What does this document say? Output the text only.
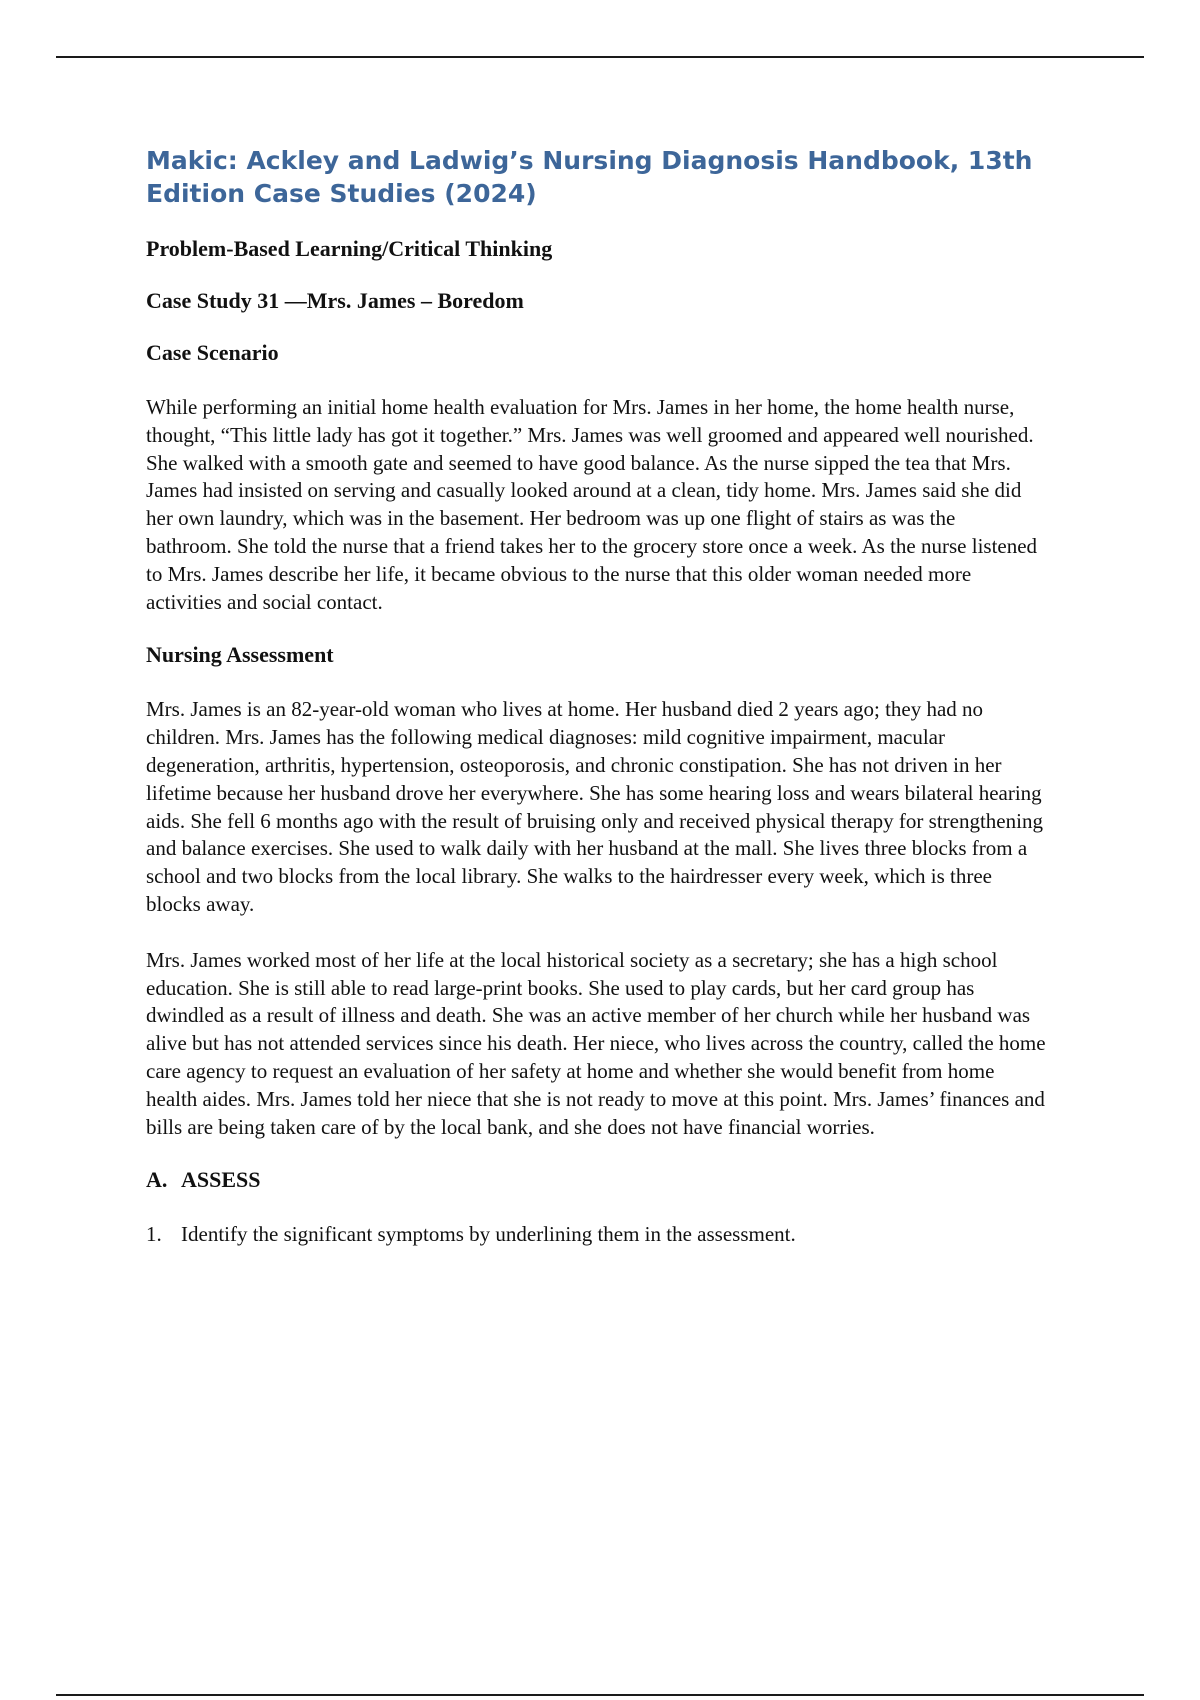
Makic: Ackley and Ladwig’s Nursing Diagnosis Handbook, 13th Edition Case Studies (2024)

Problem-Based Learning/Critical Thinking

Case Study 31 —Mrs. James – Boredom

Case Scenario

While performing an initial home health evaluation for Mrs. James in her home, the home health nurse, thought, “This little lady has got it together.” Mrs. James was well groomed and appeared well nourished. She walked with a smooth gate and seemed to have good balance. As the nurse sipped the tea that Mrs. James had insisted on serving and casually looked around at a clean, tidy home. Mrs. James said she did her own laundry, which was in the basement. Her bedroom was up one flight of stairs as was the bathroom. She told the nurse that a friend takes her to the grocery store once a week. As the nurse listened to Mrs. James describe her life, it became obvious to the nurse that this older woman needed more activities and social contact.

Nursing Assessment

Mrs. James is an 82-year-old woman who lives at home. Her husband died 2 years ago; they had no children. Mrs. James has the following medical diagnoses: mild cognitive impairment, macular degeneration, arthritis, hypertension, osteoporosis, and chronic constipation. She has not driven in her lifetime because her husband drove her everywhere. She has some hearing loss and wears bilateral hearing aids. She fell 6 months ago with the result of bruising only and received physical therapy for strengthening and balance exercises. She used to walk daily with her husband at the mall. She lives three blocks from a school and two blocks from the local library. She walks to the hairdresser every week, which is three blocks away.

Mrs. James worked most of her life at the local historical society as a secretary; she has a high school education. She is still able to read large-print books. She used to play cards, but her card group has dwindled as a result of illness and death. She was an active member of her church while her husband was alive but has not attended services since his death. Her niece, who lives across the country, called the home care agency to request an evaluation of her safety at home and whether she would benefit from home health aides. Mrs. James told her niece that she is not ready to move at this point. Mrs. James’ finances and bills are being taken care of by the local bank, and she does not have financial worries.

A. ASSESS
1. Identify the significant symptoms by underlining them in the assessment.
